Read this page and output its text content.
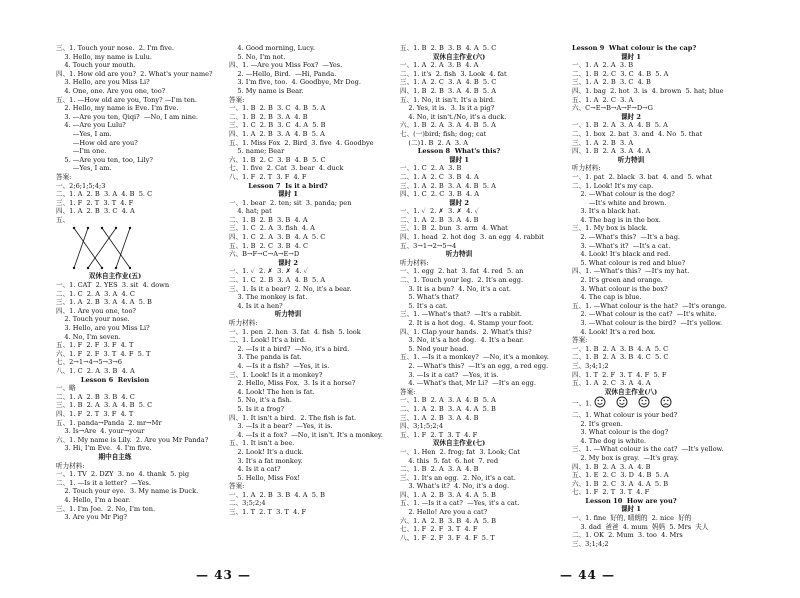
三、1. Touch your nose.  2. I'm five.
3. Hello, my name is Lulu.
4. Touch your mouth.
四、1. How old are you?  2. What's your name?
3. Hello, are you Miss Li?
4. One, one. Are you one, too?
五、1. —How old are you, Tony? —I'm ten.
2. Hello, my name is Eve. I'm five.
3. —Are you ten, Qiqi?  —No, I am nine.
4. —Are you Lulu?
—Yes, I am.
—How old are you?
—I'm one.
5. —Are you ten, too, Lily?
—Yes, I am.
答案:
一、2;6;1;5;4;3
二、1. A  2. B  3. A  4. B  5. C
三、1. F  2. T  3. T  4. F
四、1. A  2. B  3. C  4. A
五、
双休自主作业(五)
一、1. CAT  2. YES  3. sit  4. down
二、1. C  2. A  3. A  4. C
三、1. A  2. B  3. A  4. A  5. B
四、1. Are you one, too?
2. Touch your nose.
3. Hello, are you Miss Li?
4. No, I'm seven.
五、1. F  2. F  3. F  4. T
六、1. F  2. F  3. T  4. F  5. T
七、2→1→4→5→3→6
八、1. C  2. A  3. B  4. A
Lesson 6  Revision
一、略
二、1. A  2. B  3. B  4. C
三、1. B  2. A  3. A  4. B  5. C
四、1. F  2. T  3. F  4. T
五、1. panda→Panda  2. mr→Mr
3. Is→Are  4. your→your
六、1. My name is Lily.  2. Are you Mr Panda?
3. Hi, I'm Eve.  4. I'm five.
期中自主练
听力材料:
一、1. TV  2. DZY  3. no  4. thank  5. pig
二、1. —Is it a letter?  —Yes.
2. Touch your eye.  3. My name is Duck.
4. Hello, I'm a bear.
三、1. I'm Joe.  2. No, I'm ten.
3. Are you Mr Pig?
4. Good morning, Lucy.
5. No, I'm not.
四、1. —Are you Miss Fox?  —Yes.
2. —Hello, Bird.  —Hi, Panda.
3. I'm five, too.  4. Goodbye, Mr Dog.
5. My name is Bear.
答案:
一、1. B  2. B  3. C  4. B  5. A
二、1. B  2. B  3. A  4. B
三、1. C  2. B  3. C  4. A  5. B
四、1. A  2. B  3. A  4. B  5. A
五、1. Miss Fox  2. Bird  3. five  4. Goodbye
5. name; Bear
六、1. B  2. C  3. B  4. B  5. C
七、1. five  2. Cat  3. bear  4. duck
八、1. F  2. T  3. F  4. F
Lesson 7  Is it a bird?
课时 1
一、1. bear  2. ten; sit  3. panda; pen
4. hat; pat
二、1. B  2. B  3. B  4. A
三、1. C  2. A  3. fish  4. A
四、1. C  2. A  3. B  4. A  5. C
五、1. B  2. C  3. B  4. C
六、B→F→C→A→E→D
课时 2
一、1. ✓  2. ✗  3. ✗  4. ✓
二、1. C  2. B  3. A  4. B  5. A
三、1. Is it a bear?  2. No, it's a bear.
3. The monkey is fat.
4. Is it a hen?
听力特训
听力材料:
一、1. pen  2. hen  3. fat  4. fish  5. look
二、1. Look! It's a bird.
2. —Is it a bird?  —No, it's a bird.
3. The panda is fat.
4. —Is it a fish?  —Yes, it is.
三、1. Look! Is it a monkey?
2. Hello, Miss Fox.  3. Is it a horse?
4. Look! The hen is fat.
5. No, it's a fish.
5. Is it a frog?
四、1. It isn't a bird.  2. The fish is fat.
3. —Is it a bear?  —Yes, it is.
4. —Is it a fox?  —No, it isn't. It's a monkey.
五、1. It isn't a bee.
2. Look! It's a duck.
3. It's a fat monkey.
4. Is it a cat?
5. Hello, Miss Fox!
答案:
一、1. A  2. B  3. B  4. A  5. B
二、3;5;2;4
三、1. T  2. T  3. T  4. F
— 43 —
五、1. B  2. B  3. B  4. A  5. C
双休自主作业(六)
一、1. A  2. A  3. B  4. A
二、1. it's  2. fish  3. Look  4. fat
三、1. A  2. C  3. A  4. B  5. C
四、1. B  2. B  3. A  4. B  5. A
五、1. No, it isn't. It's a bird.
2. Yes, it is.  3. Is it a pig?
4. No, it isn't./No, it's a duck.
六、1. B  2. A  3. A  4. B  5. A
七、(一)bird; fish; dog; cat
(二)1. B  2. A  3. A
Lesson 8  What's this?
课时 1
一、1. C  2. A  3. B
二、1. A  2. C  3. B  4. A
三、1. A  2. B  3. A  4. B  5. A
四、1. C  2. C  3. B  4. A
课时 2
一、1. ✓  2. ✗  3. ✗  4. ✓
二、1. A  2. B  3. A  4. B
三、1. B  2. bun  3. arm  4. What
四、1. head  2. hot dog  3. an egg  4. rabbit
五、3→1→2→5→4
听力特训
听力材料:
一、1. egg  2. hat  3. fat  4. red  5. an
二、1. Touch your leg.  2. It's an egg.
3. It is a bun?  4. No, it's a cat.
5. What's that?
5. It's a cat.
三、1. —What's that?  —It's a rabbit.
2. It is a hot dog.  4. Stamp your foot.
四、1. Clap your hands.  2. What's this?
3. No, it's a hot dog.  4. It's a bear.
5. Nod your head.
五、1. —Is it a monkey?  —No, it's a monkey.
2. —What's this?  —It's an egg, a red egg.
3. —Is it a cat?  —Yes, it is.
4. —What's that, Mr Li?  —It's an egg.
答案:
一、1. B  2. A  3. A  4. B  5. A
二、1. A  2. B  3. A  4. A  5. B
三、1. A  2. B  3. A  4. B
四、3;1;5;2;4
五、1. F  2. T  3. T  4. F
双休自主作业(七)
一、1. Hen  2. frog; fat  3. Look; Cat
4. this  5. fat  6. hot  7. red
二、1. B  2. A  3. A  4. B
三、1. It's an egg.  2. No, it's a cat.
3. What's it?  4. No, it's a dog.
四、1. A  2. B  3. A  4. A  5. B
五、1. —Is it a cat?  —Yes, it's a cat.
2. Hello! Are you a cat?
六、1. A  2. B  3. B  4. A  5. B
七、1. F  2. F  3. T  4. F
八、1. F  2. F  3. F  4. F  5. T
Lesson 9  What colour is the cap?
课时 1
一、1. A  2. A  3. B
二、1. B  2. C  3. C  4. B  5. A
三、1. A  2. B  3. C  4. B
四、1. bag  2. hot  3. is  4. brown  5. hat; blue
五、1. A  2. C  3. A
六、C→E→B→A→F→D→G
课时 2
一、1. B  2. A  3. A  4. B  5. A
二、1. box  2. bat  3. and  4. No  5. that
三、1. A  2. B  3. A
四、1. B  2. A  3. A  4. A
听力特训
听力材料:
一、1. pat  2. black  3. bat  4. and  5. what
二、1. Look! It's my cap.
2. —What colour is the dog?
—It's white and brown.
3. It's a black hat.
4. The bag is in the box.
三、1. My box is black.
2. —What's this?  —It's a bag.
3. —What's it?  —It's a cat.
4. Look! It's black and red.
5. What colour is red and blue?
四、1. —What's this?  —It's my hat.
2. It's green and orange.
3. What colour is the box?
4. The cap is blue.
五、1. —What colour is the hat?  —It's orange.
2. —What colour is the cat?  —It's white.
3. —What colour is the bird?  —It's yellow.
4. Look! It's a red box.
答案:
一、1. B  2. A  3. B  4. A  5. C
二、1. B  2. A  3. B  4. C  5. C
三、3;4;1;2
四、1. T  2. F  3. T  4. F  5. F
五、1. A  2. C  3. A  4. A
双休自主作业(八)
一、1.
二、1. What colour is your bed?
2. It's green.
3. What colour is the dog?
4. The dog is white.
三、1. —What colour is the cat?  —It's yellow.
2. My box is gray.  —It's gray.
四、1. B  2. A  3. A  4. B
五、1. E  2. C  3. D  4. B  5. A
六、1. B  2. C  3. A  4. A  5. B
七、1. F  2. T  3. T  4. F
Lesson 10  How are you?
课时 1
一、1. fine  好的, 晴朗的  2. nice  好的
3. dad  爸爸  4. mum  妈妈  5. Mrs  夫人
二、1. OK  2. Mum  3. too  4. Mrs
三、3;1;4;2
— 44 —
